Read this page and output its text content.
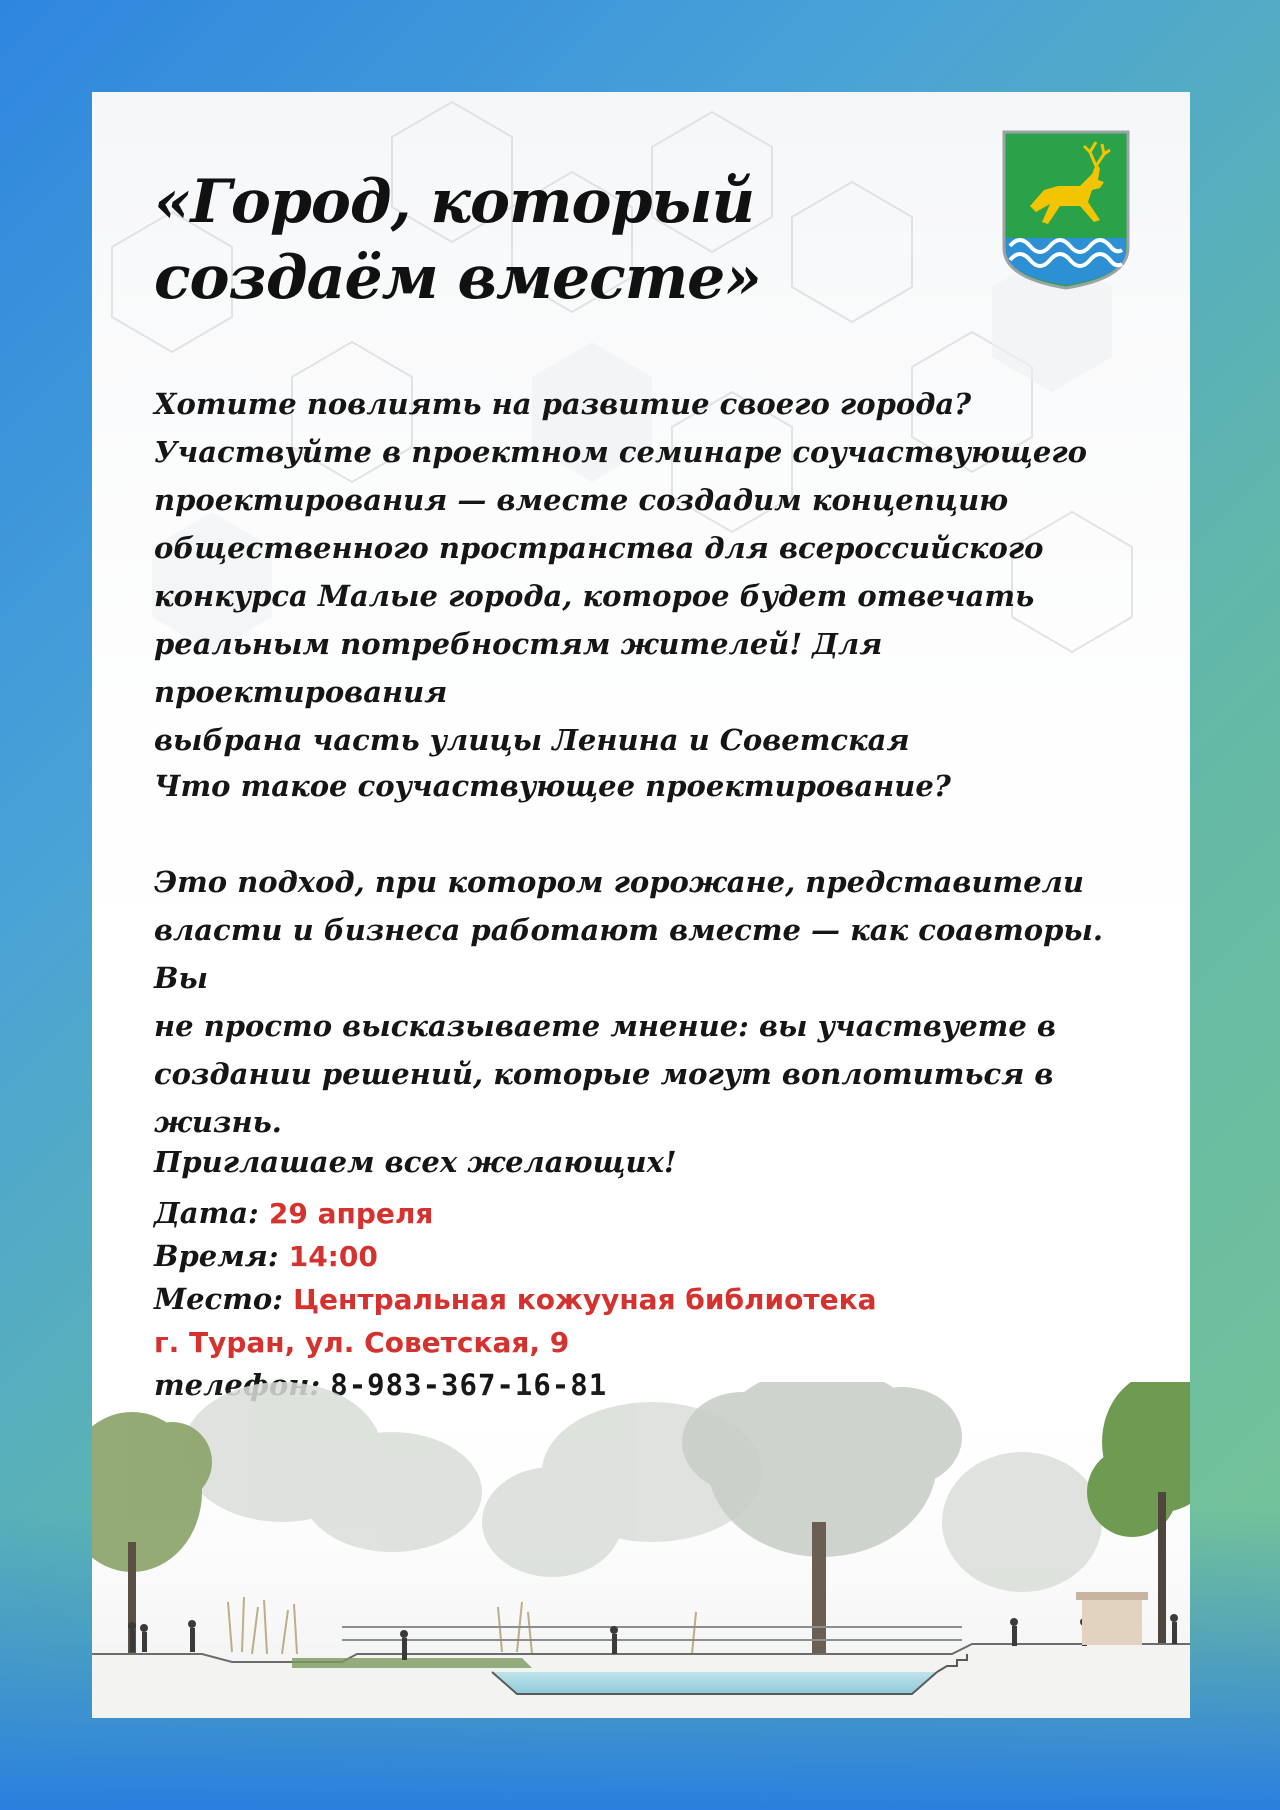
«Город, который
создаём вместе»
Хотите повлиять на развитие своего города?
Участвуйте в проектном семинаре соучаствующего
проектирования — вместе создадим концепцию
общественного пространства для всероссийского
конкурса Малые города, которое будет отвечать
реальным потребностям жителей! Для проектирования
выбрана часть улицы Ленина и Советская
Что такое соучаствующее проектирование?
Это подход, при котором горожане, представители
власти и бизнеса работают вместе — как соавторы. Вы
не просто высказываете мнение: вы участвуете в
создании решений, которые могут воплотиться в жизнь.
Приглашаем всех желающих!
Дата: 29 апреля
Время: 14:00
Место: Центральная кожууная библиотека
г. Туран, ул. Советская, 9
